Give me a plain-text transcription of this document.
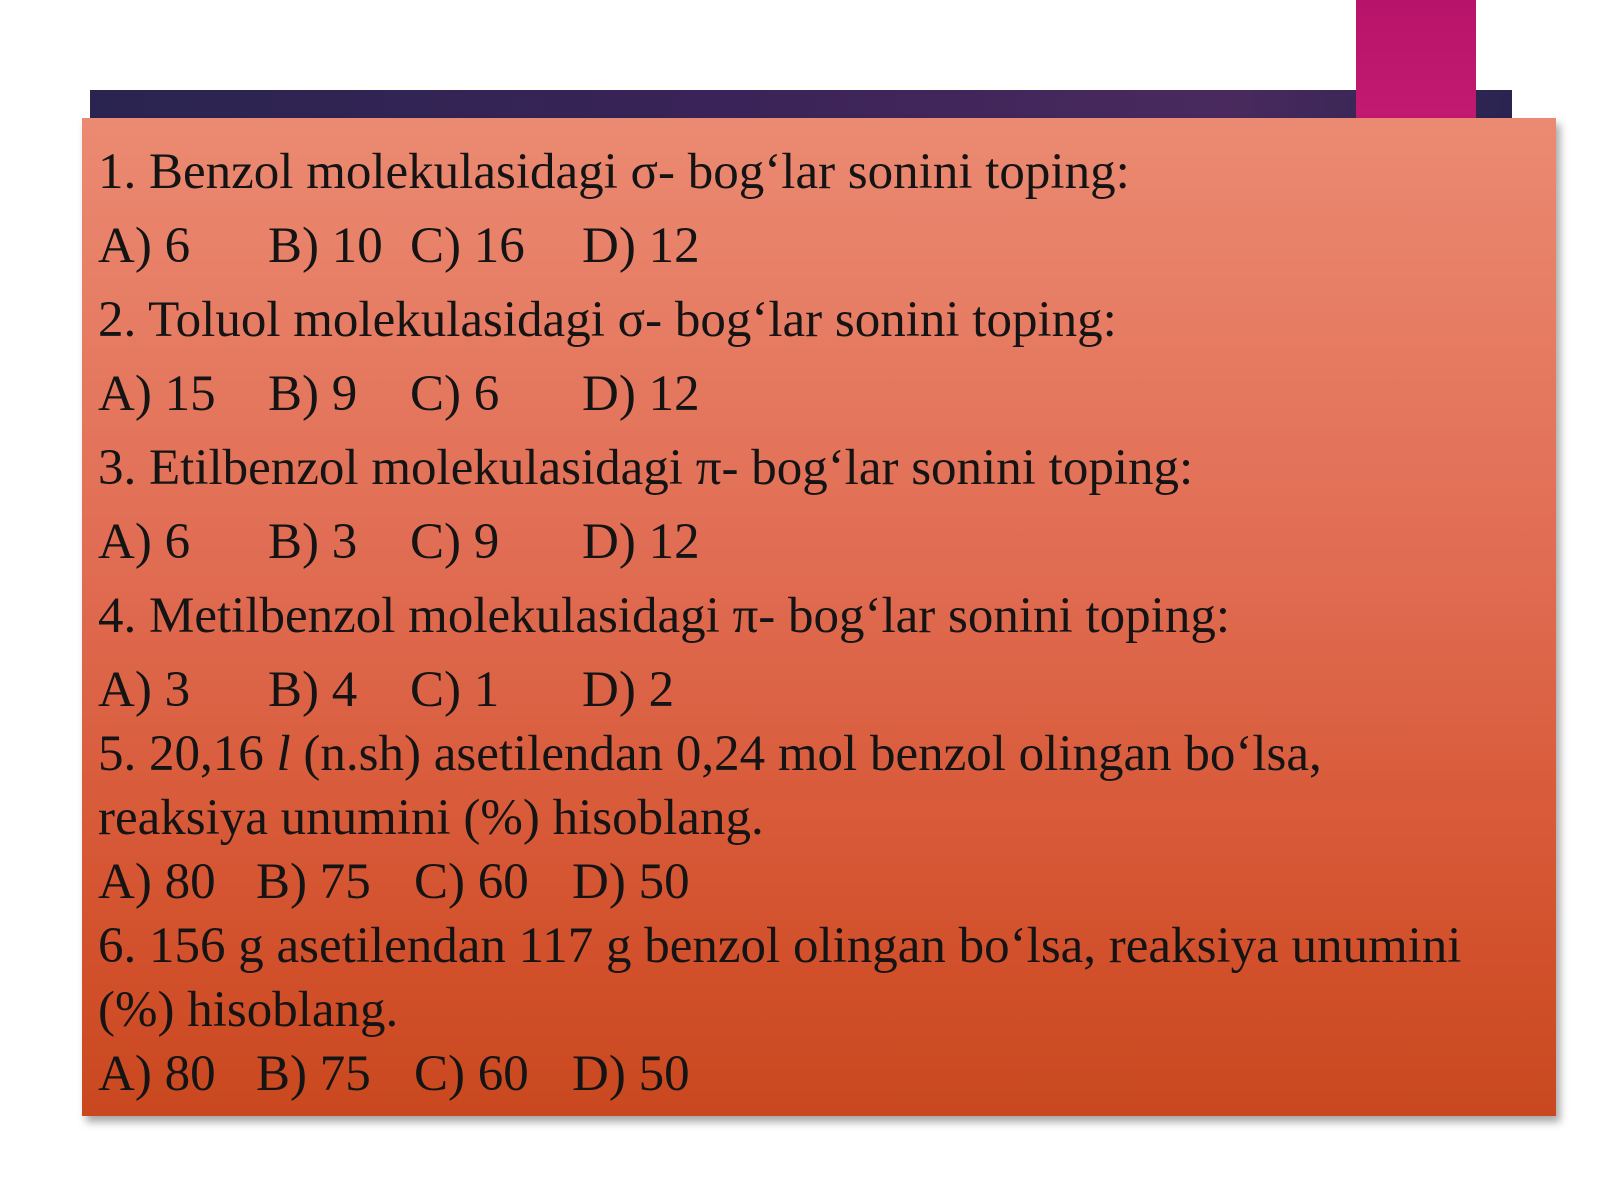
1. Benzol molekulasidagi σ- bog‘lar sonini toping:
A) 6 B) 10 C) 16 D) 12
2. Toluol molekulasidagi σ- bog‘lar sonini toping:
A) 15 B) 9 C) 6 D) 12
3. Etilbenzol molekulasidagi π- bog‘lar sonini toping:
A) 6 B) 3 C) 9 D) 12
4. Metilbenzol molekulasidagi π- bog‘lar sonini toping:
A) 3 B) 4 C) 1 D) 2
5. 20,16 l (n.sh) asetilendan 0,24 mol benzol olingan bo‘lsa,
reaksiya unumini (%) hisoblang.
A) 80 B) 75 C) 60 D) 50
6. 156 g asetilendan 117 g benzol olingan bo‘lsa, reaksiya unumini
(%) hisoblang.
A) 80 B) 75 C) 60 D) 50
